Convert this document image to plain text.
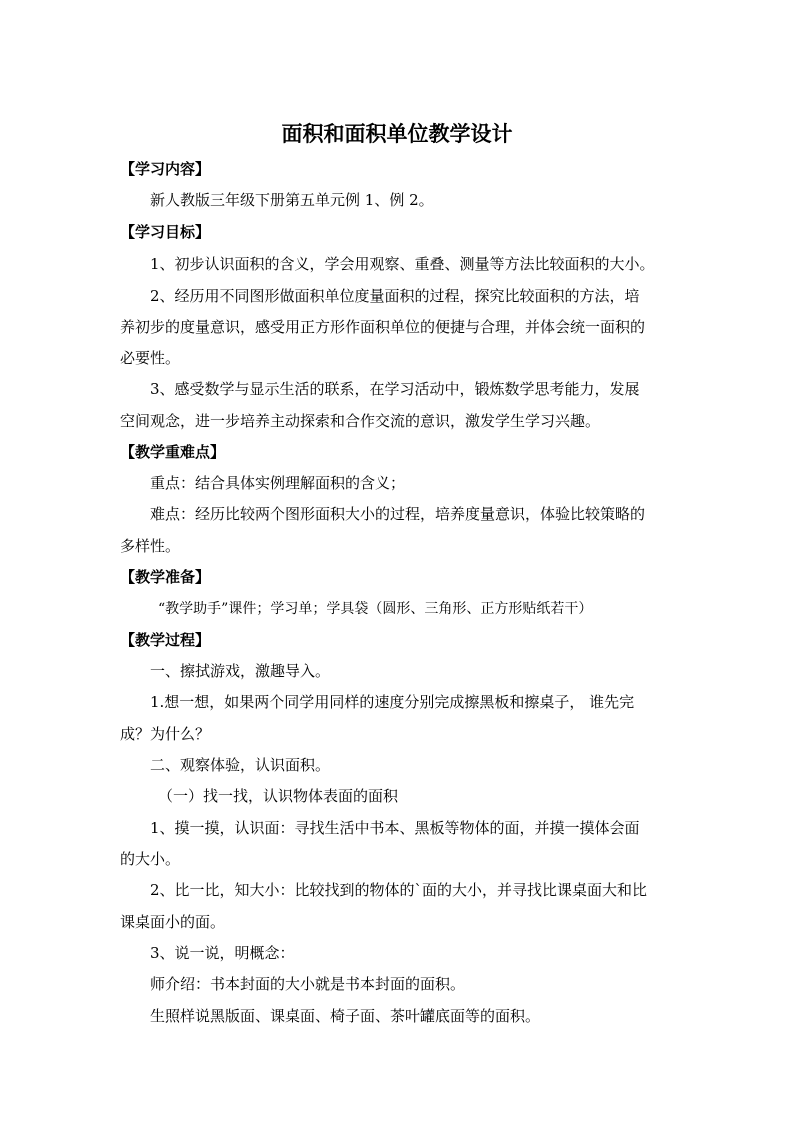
面积和面积单位教学设计
【学习内容】
新人教版三年级下册第五单元例 1、例 2。
【学习目标】
1、初步认识面积的含义，学会用观察、重叠、测量等方法比较面积的大小。
2、经历用不同图形做面积单位度量面积的过程，探究比较面积的方法，培
养初步的度量意识，感受用正方形作面积单位的便捷与合理，并体会统一面积的
必要性。
3、感受数学与显示生活的联系，在学习活动中，锻炼数学思考能力，发展
空间观念，进一步培养主动探索和合作交流的意识，激发学生学习兴趣。
【教学重难点】
重点：结合具体实例理解面积的含义；
难点：经历比较两个图形面积大小的过程，培养度量意识，体验比较策略的
多样性。
【教学准备】
“教学助手”课件；学习单；学具袋（圆形、三角形、正方形贴纸若干）
【教学过程】
一、擦拭游戏，激趣导入。
1.想一想，如果两个同学用同样的速度分别完成擦黑板和擦桌子， 谁先完
成？为什么？
二、观察体验，认识面积。
（一）找一找，认识物体表面的面积
1、摸一摸，认识面：寻找生活中书本、黑板等物体的面，并摸一摸体会面
的大小。
2、比一比，知大小：比较找到的物体的`面的大小，并寻找比课桌面大和比
课桌面小的面。
3、说一说，明概念：
师介绍：书本封面的大小就是书本封面的面积。
生照样说黑版面、课桌面、椅子面、茶叶罐底面等的面积。
